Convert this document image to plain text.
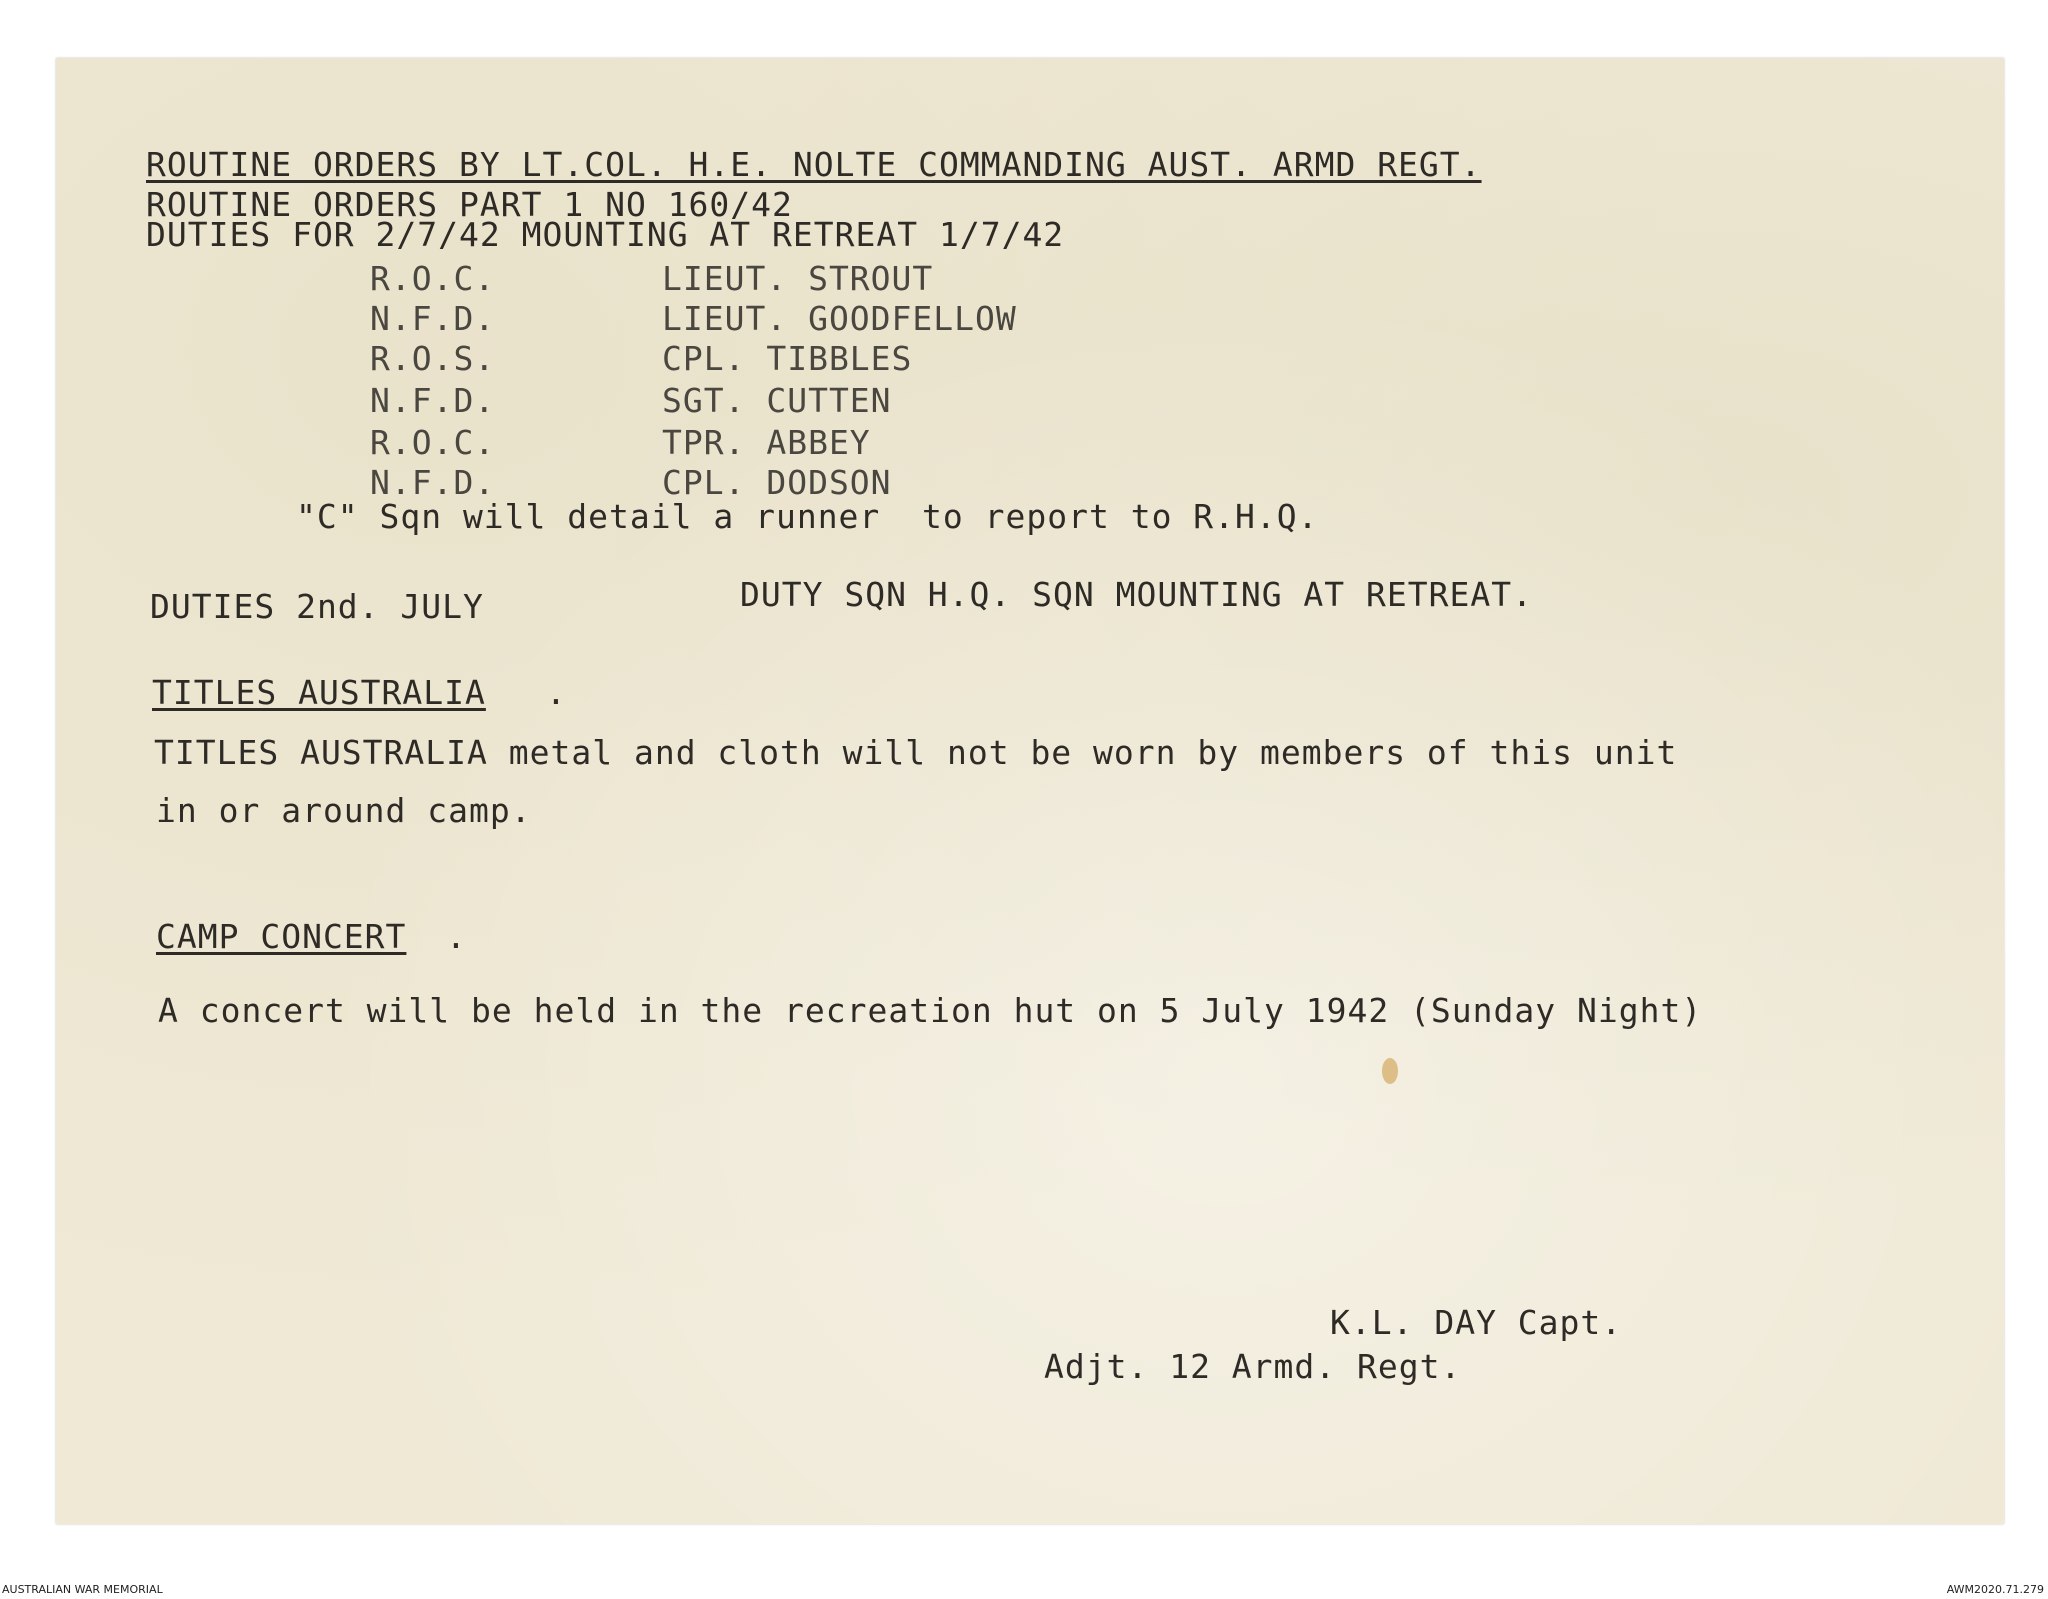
ROUTINE ORDERS BY LT.COL. H.E. NOLTE COMMANDING AUST. ARMD REGT.
ROUTINE ORDERS PART 1 NO 160/42
DUTIES FOR 2/7/42 MOUNTING AT RETREAT 1/7/42
R.O.C.	LIEUT. STROUT
N.F.D.	LIEUT. GOODFELLOW
R.O.S.	CPL. TIBBLES
N.F.D.	SGT. CUTTEN
R.O.C.	TPR. ABBEY
N.F.D.	CPL. DODSON
"C" Sqn will detail a runner  to report to R.H.Q.
DUTIES 2nd. JULY	DUTY SQN H.Q. SQN MOUNTING AT RETREAT.
TITLES AUSTRALIA .
TITLES AUSTRALIA metal and cloth will not be worn by members of this unit
in or around camp.
CAMP CONCERT .
A concert will be held in the recreation hut on 5 July 1942 (Sunday Night)
K.L. DAY Capt.
Adjt. 12 Armd. Regt.
AUSTRALIAN WAR MEMORIAL	AWM2020.71.279
